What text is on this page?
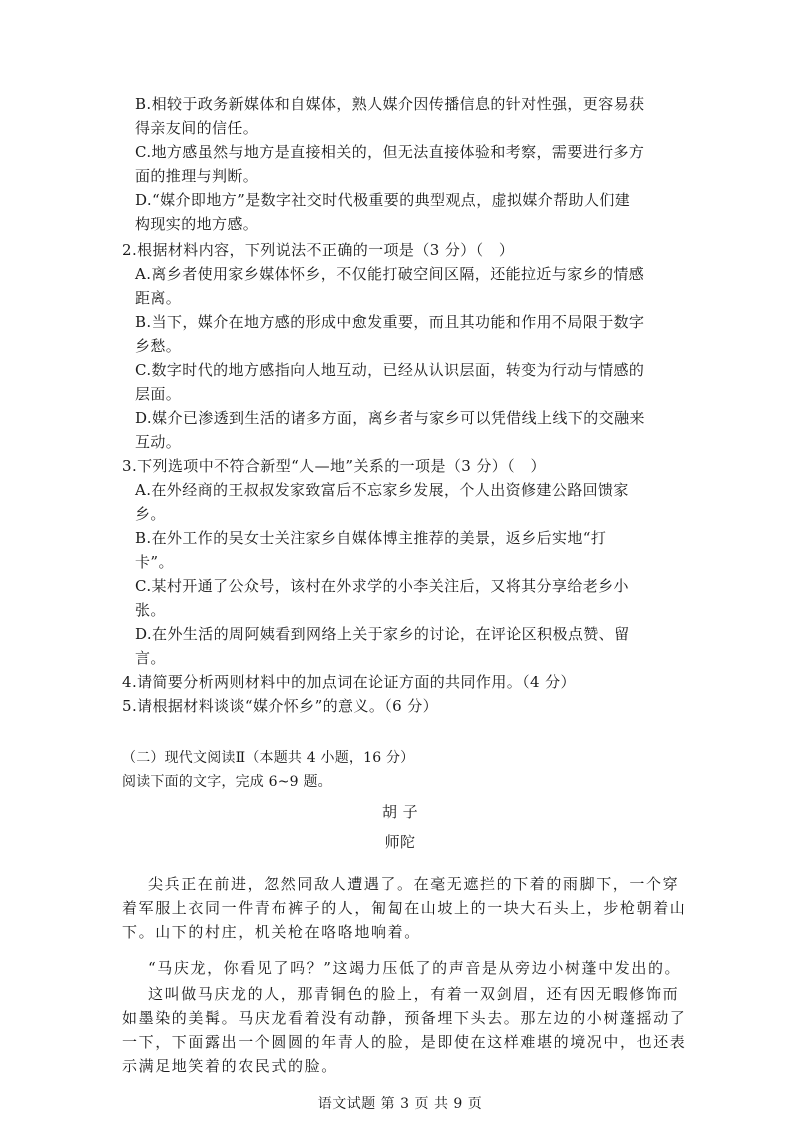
B.相较于政务新媒体和自媒体，熟人媒介因传播信息的针对性强，更容易获
得亲友间的信任。
C.地方感虽然与地方是直接相关的，但无法直接体验和考察，需要进行多方
面的推理与判断。
D.“媒介即地方”是数字社交时代极重要的典型观点，虚拟媒介帮助人们建
构现实的地方感。
2.根据材料内容，下列说法不正确的一项是（3 分）（　）
A.离乡者使用家乡媒体怀乡，不仅能打破空间区隔，还能拉近与家乡的情感
距离。
B.当下，媒介在地方感的形成中愈发重要，而且其功能和作用不局限于数字
乡愁。
C.数字时代的地方感指向人地互动，已经从认识层面，转变为行动与情感的
层面。
D.媒介已渗透到生活的诸多方面，离乡者与家乡可以凭借线上线下的交融来
互动。
3.下列选项中不符合新型“人—地”关系的一项是（3 分）（　）
A.在外经商的王叔叔发家致富后不忘家乡发展，个人出资修建公路回馈家
乡。
B.在外工作的吴女士关注家乡自媒体博主推荐的美景，返乡后实地“打
卡”。
C.某村开通了公众号，该村在外求学的小李关注后，又将其分享给老乡小
张。
D.在外生活的周阿姨看到网络上关于家乡的讨论，在评论区积极点赞、留
言。
4.请简要分析两则材料中的加点词在论证方面的共同作用。（4 分）
5.请根据材料谈谈“媒介怀乡”的意义。（6 分）
（二）现代文阅读Ⅱ（本题共 4 小题，16 分）
阅读下面的文字，完成 6~9 题。
胡 子
师陀
尖兵正在前进，忽然同敌人遭遇了。在毫无遮拦的下着的雨脚下，一个穿
着军服上衣同一件青布裤子的人，匍匐在山坡上的一块大石头上，步枪朝着山
下。山下的村庄，机关枪在咯咯地响着。
“马庆龙，你看见了吗？”这竭力压低了的声音是从旁边小树蓬中发出的。
这叫做马庆龙的人，那青铜色的脸上，有着一双剑眉，还有因无暇修饰而
如墨染的美髯。马庆龙看着没有动静，预备埋下头去。那左边的小树蓬摇动了
一下，下面露出一个圆圆的年青人的脸，是即使在这样难堪的境况中，也还表
示满足地笑着的农民式的脸。
语文试题 第 3 页 共 9 页
